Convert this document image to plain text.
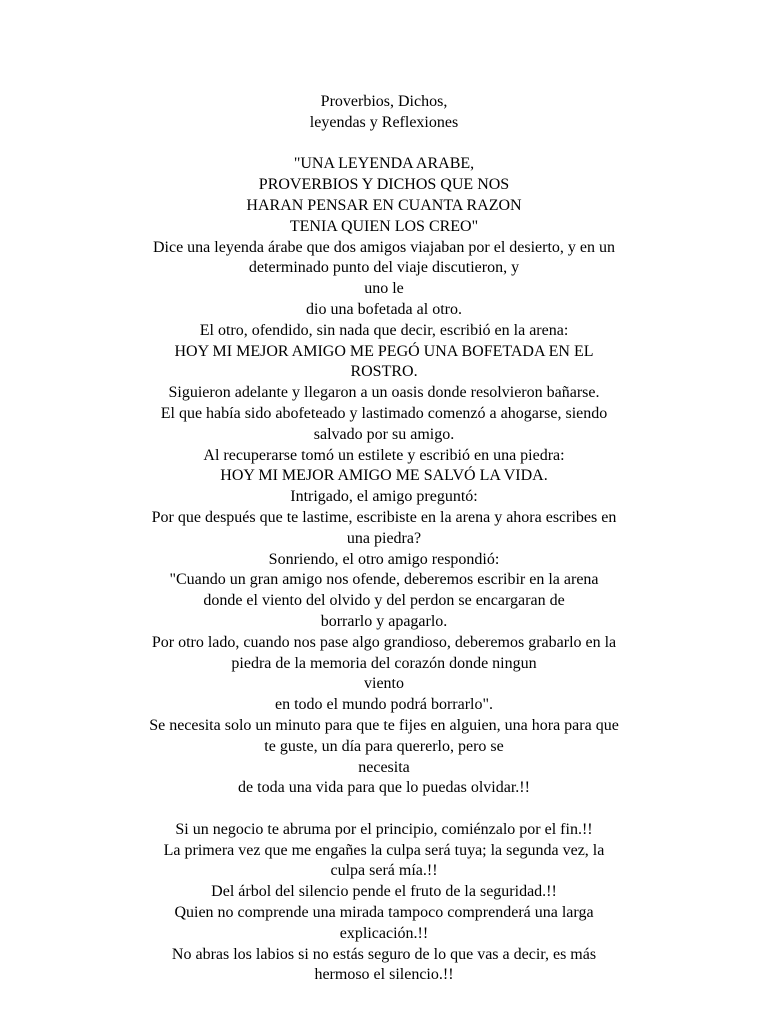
Proverbios, Dichos,
leyendas y Reflexiones
"UNA LEYENDA ARABE,
PROVERBIOS Y DICHOS QUE NOS
HARAN PENSAR EN CUANTA RAZON
TENIA QUIEN LOS CREO"
Dice una leyenda árabe que dos amigos viajaban por el desierto, y en un
determinado punto del viaje discutieron, y
uno le
dio una bofetada al otro.
El otro, ofendido, sin nada que decir, escribió en la arena:
HOY MI MEJOR AMIGO ME PEGÓ UNA BOFETADA EN EL
ROSTRO.
Siguieron adelante y llegaron a un oasis donde resolvieron bañarse.
El que había sido abofeteado y lastimado comenzó a ahogarse, siendo
salvado por su amigo.
Al recuperarse tomó un estilete y escribió en una piedra:
HOY MI MEJOR AMIGO ME SALVÓ LA VIDA.
Intrigado, el amigo preguntó:
Por que después que te lastime, escribiste en la arena y ahora escribes en
una piedra?
Sonriendo, el otro amigo respondió:
"Cuando un gran amigo nos ofende, deberemos escribir en la arena
donde el viento del olvido y del perdon se encargaran de
borrarlo y apagarlo.
Por otro lado, cuando nos pase algo grandioso, deberemos grabarlo en la
piedra de la memoria del corazón donde ningun
viento
en todo el mundo podrá borrarlo".
Se necesita solo un minuto para que te fijes en alguien, una hora para que
te guste, un día para quererlo, pero se
necesita
de toda una vida para que lo puedas olvidar.!!
Si un negocio te abruma por el principio, comiénzalo por el fin.!!
La primera vez que me engañes la culpa será tuya; la segunda vez, la
culpa será mía.!!
Del árbol del silencio pende el fruto de la seguridad.!!
Quien no comprende una mirada tampoco comprenderá una larga
explicación.!!
No abras los labios si no estás seguro de lo que vas a decir, es más
hermoso el silencio.!!
